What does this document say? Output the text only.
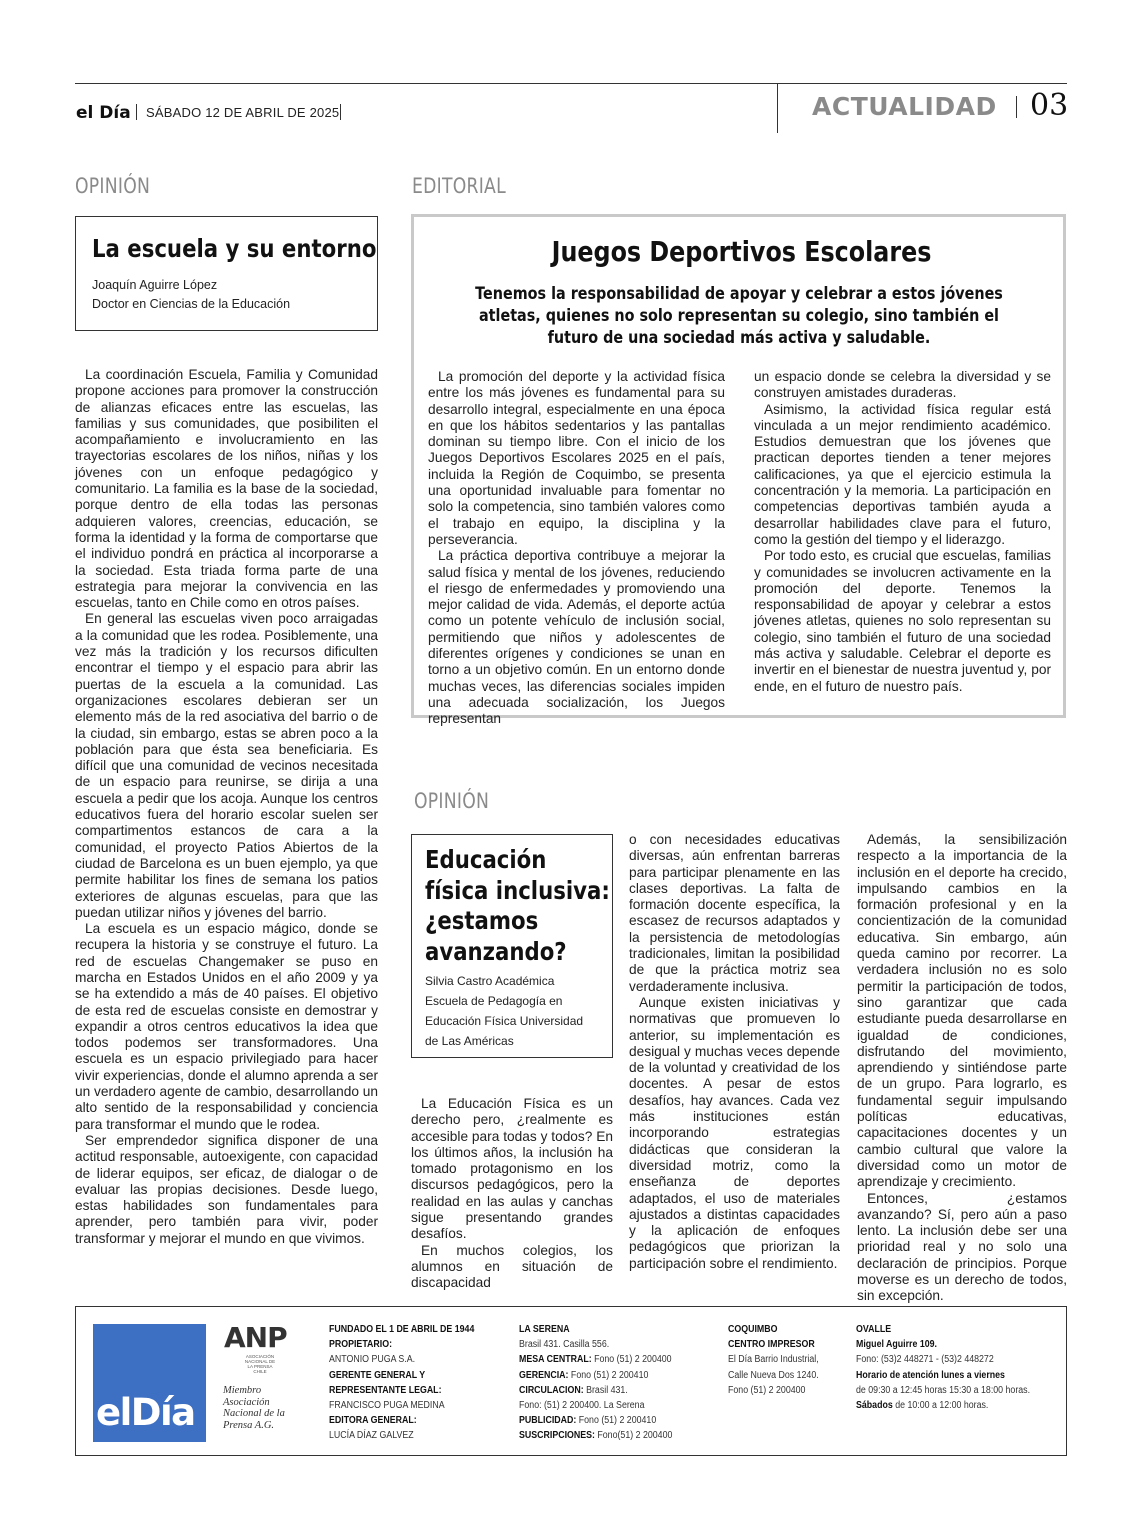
el Día SÁBADO 12 DE ABRIL DE 2025	ACTUALIDAD 03
OPINIÓN
La escuela y su entorno
Joaquín Aguirre López
Doctor en Ciencias de la Educación

La coordinación Escuela, Familia y Comunidad propone acciones para promover la construcción de alianzas eficaces entre las escuelas, las familias y sus comunidades, que posibiliten el acompañamiento e involucramiento en las trayectorias escolares de los niños, niñas y los jóvenes con un enfoque pedagógico y comunitario. La familia es la base de la sociedad, porque dentro de ella todas las personas adquieren valores, creencias, educación, se forma la identidad y la forma de comportarse que el individuo pondrá en práctica al incorporarse a la sociedad. Esta triada forma parte de una estrategia para mejorar la convivencia en las escuelas, tanto en Chile como en otros países.

En general las escuelas viven poco arraigadas a la comunidad que les rodea. Posiblemente, una vez más la tradición y los recursos dificulten encontrar el tiempo y el espacio para abrir las puertas de la escuela a la comunidad. Las organizaciones escolares debieran ser un elemento más de la red asociativa del barrio o de la ciudad, sin embargo, estas se abren poco a la población para que ésta sea beneficiaria. Es difícil que una comunidad de vecinos necesitada de un espacio para reunirse, se dirija a una escuela a pedir que los acoja. Aunque los centros educativos fuera del horario escolar suelen ser compartimentos estancos de cara a la comunidad, el proyecto Patios Abiertos de la ciudad de Barcelona es un buen ejemplo, ya que permite habilitar los fines de semana los patios exteriores de algunas escuelas, para que las puedan utilizar niños y jóvenes del barrio.

La escuela es un espacio mágico, donde se recupera la historia y se construye el futuro. La red de escuelas Changemaker se puso en marcha en Estados Unidos en el año 2009 y ya se ha extendido a más de 40 países. El objetivo de esta red de escuelas consiste en demostrar y expandir a otros centros educativos la idea que todos podemos ser transformadores. Una escuela es un espacio privilegiado para hacer vivir experiencias, donde el alumno aprenda a ser un verdadero agente de cambio, desarrollando un alto sentido de la responsabilidad y conciencia para transformar el mundo que le rodea.

Ser emprendedor significa disponer de una actitud responsable, autoexigente, con capacidad de liderar equipos, ser eficaz, de dialogar o de evaluar las propias decisiones. Desde luego, estas habilidades son fundamentales para aprender, pero también para vivir, poder transformar y mejorar el mundo en que vivimos.

EDITORIAL
Juegos Deportivos Escolares
Tenemos la responsabilidad de apoyar y celebrar a estos jóvenes atletas, quienes no solo representan su colegio, sino también el futuro de una sociedad más activa y saludable.

La promoción del deporte y la actividad física entre los más jóvenes es fundamental para su desarrollo integral, especialmente en una época en que los hábitos sedentarios y las pantallas dominan su tiempo libre. Con el inicio de los Juegos Deportivos Escolares 2025 en el país, incluida la Región de Coquimbo, se presenta una oportunidad invaluable para fomentar no solo la competencia, sino también valores como el trabajo en equipo, la disciplina y la perseverancia.

La práctica deportiva contribuye a mejorar la salud física y mental de los jóvenes, reduciendo el riesgo de enfermedades y promoviendo una mejor calidad de vida. Además, el deporte actúa como un potente vehículo de inclusión social, permitiendo que niños y adolescentes de diferentes orígenes y condiciones se unan en torno a un objetivo común. En un entorno donde muchas veces, las diferencias sociales impiden una adecuada socialización, los Juegos representan

un espacio donde se celebra la diversidad y se construyen amistades duraderas.

Asimismo, la actividad física regular está vinculada a un mejor rendimiento académico. Estudios demuestran que los jóvenes que practican deportes tienden a tener mejores calificaciones, ya que el ejercicio estimula la concentración y la memoria. La participación en competencias deportivas también ayuda a desarrollar habilidades clave para el futuro, como la gestión del tiempo y el liderazgo.

Por todo esto, es crucial que escuelas, familias y comunidades se involucren activamente en la promoción del deporte. Tenemos la responsabilidad de apoyar y celebrar a estos jóvenes atletas, quienes no solo representan su colegio, sino también el futuro de una sociedad más activa y saludable. Celebrar el deporte es invertir en el bienestar de nuestra juventud y, por ende, en el futuro de nuestro país.

OPINIÓN
Educación
física inclusiva:
¿estamos
avanzando?
Silvia Castro Académica
Escuela de Pedagogía en
Educación Física Universidad
de Las Américas

La Educación Física es un derecho pero, ¿realmente es accesible para todas y todos? En los últimos años, la inclusión ha tomado protagonismo en los discursos pedagógicos, pero la realidad en las aulas y canchas sigue presentando grandes desafíos.

En muchos colegios, los alumnos en situación de discapacidad

o con necesidades educativas diversas, aún enfrentan barreras para participar plenamente en las clases deportivas. La falta de formación docente específica, la escasez de recursos adaptados y la persistencia de metodologías tradicionales, limitan la posibilidad de que la práctica motriz sea verdaderamente inclusiva.

Aunque existen iniciativas y normativas que promueven lo anterior, su implementación es desigual y muchas veces depende de la voluntad y creatividad de los docentes. A pesar de estos desafíos, hay avances. Cada vez más instituciones están incorporando estrategias didácticas que consideran la diversidad motriz, como la enseñanza de deportes adaptados, el uso de materiales ajustados a distintas capacidades y la aplicación de enfoques pedagógicos que priorizan la participación sobre el rendimiento.

Además, la sensibilización respecto a la importancia de la inclusión en el deporte ha crecido, impulsando cambios en la formación profesional y en la concientización de la comunidad educativa. Sin embargo, aún queda camino por recorrer. La verdadera inclusión no es solo permitir la participación de todos, sino garantizar que cada estudiante pueda desarrollarse en igualdad de condiciones, disfrutando del movimiento, aprendiendo y sintiéndose parte de un grupo. Para lograrlo, es fundamental seguir impulsando políticas educativas, capacitaciones docentes y un cambio cultural que valore la diversidad como un motor de aprendizaje y crecimiento.

Entonces, ¿estamos avanzando? Sí, pero aún a paso lento. La inclusión debe ser una prioridad real y no solo una declaración de principios. Porque moverse es un derecho de todos, sin excepción.

elDía
ANP
ASOCIACIÓN NACIONAL DE LA PRENSA CHILE
Miembro Asociación Nacional de la Prensa A.G.
FUNDADO EL 1 DE ABRIL DE 1944
PROPIETARIO:
ANTONIO PUGA S.A.
GERENTE GENERAL Y
REPRESENTANTE LEGAL:
FRANCISCO PUGA MEDINA
EDITORA GENERAL:
LUCÍA DÍAZ GALVEZ
LA SERENA
Brasil 431. Casilla 556.
MESA CENTRAL: Fono (51) 2 200400
GERENCIA: Fono (51) 2 200410
CIRCULACION: Brasil 431.
Fono: (51) 2 200400. La Serena
PUBLICIDAD: Fono (51) 2 200410
SUSCRIPCIONES: Fono(51) 2 200400
COQUIMBO
CENTRO IMPRESOR
El Día Barrio Industrial,
Calle Nueva Dos 1240.
Fono (51) 2 200400
OVALLE
Miguel Aguirre 109.
Fono: (53)2 448271 - (53)2 448272
Horario de atención lunes a viernes
de 09:30 a 12:45 horas 15:30 a 18:00 horas.
Sábados de 10:00 a 12:00 horas.
